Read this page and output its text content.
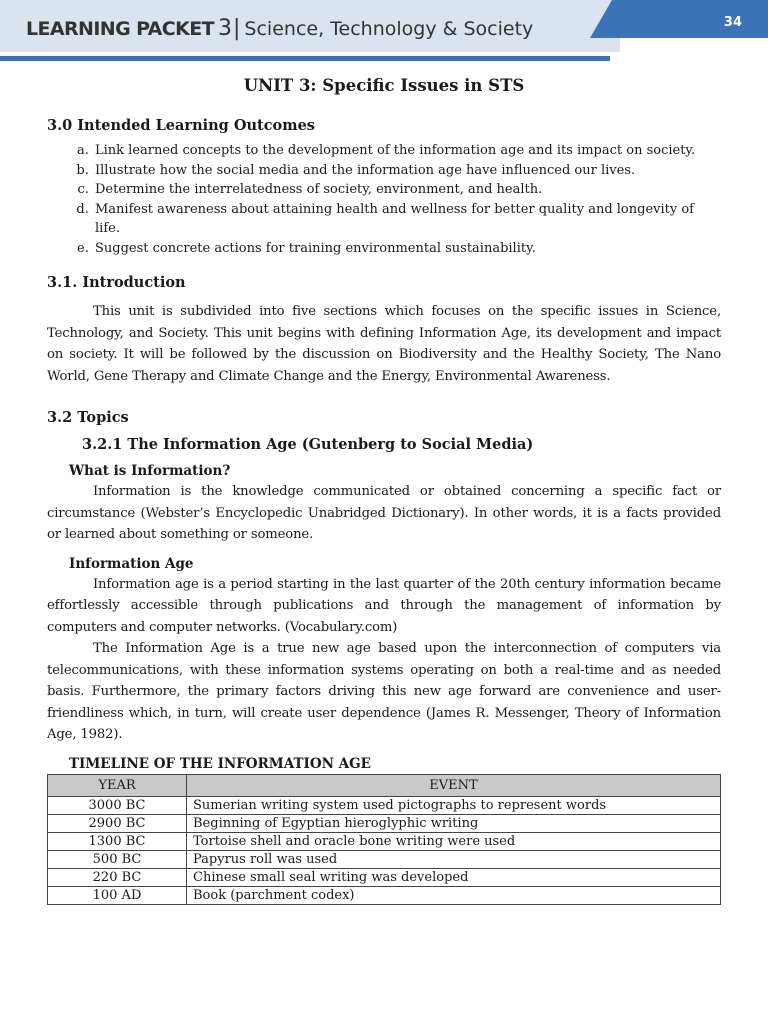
LEARNING PACKET 3| Science, Technology & Society	34
UNIT 3: Specific Issues in STS
3.0 Intended Learning Outcomes
a. Link learned concepts to the development of the information age and its impact on society.
b. Illustrate how the social media and the information age have influenced our lives.
c. Determine the interrelatedness of society, environment, and health.
d. Manifest awareness about attaining health and wellness for better quality and longevity of life.
e. Suggest concrete actions for training environmental sustainability.
3.1. Introduction

This unit is subdivided into five sections which focuses on the specific issues in Science, Technology, and Society. This unit begins with defining Information Age, its development and impact on society. It will be followed by the discussion on Biodiversity and the Healthy Society, The Nano World, Gene Therapy and Climate Change and the Energy, Environmental Awareness.

3.2 Topics
3.2.1 The Information Age (Gutenberg to Social Media)
What is Information?

Information is the knowledge communicated or obtained concerning a specific fact or circumstance (Webster’s Encyclopedic Unabridged Dictionary). In other words, it is a facts provided or learned about something or someone.

Information Age

Information age is a period starting in the last quarter of the 20th century information became effortlessly accessible through publications and through the management of information by computers and computer networks. (Vocabulary.com)

The Information Age is a true new age based upon the interconnection of computers via telecommunications, with these information systems operating on both a real-time and as needed basis. Furthermore, the primary factors driving this new age forward are convenience and user-friendliness which, in turn, will create user dependence (James R. Messenger, Theory of Information Age, 1982).

TIMELINE OF THE INFORMATION AGE
YEAR	EVENT
3000 BC	Sumerian writing system used pictographs to represent words
2900 BC	Beginning of Egyptian hieroglyphic writing
1300 BC	Tortoise shell and oracle bone writing were used
500 BC	Papyrus roll was used
220 BC	Chinese small seal writing was developed
100 AD	Book (parchment codex)
